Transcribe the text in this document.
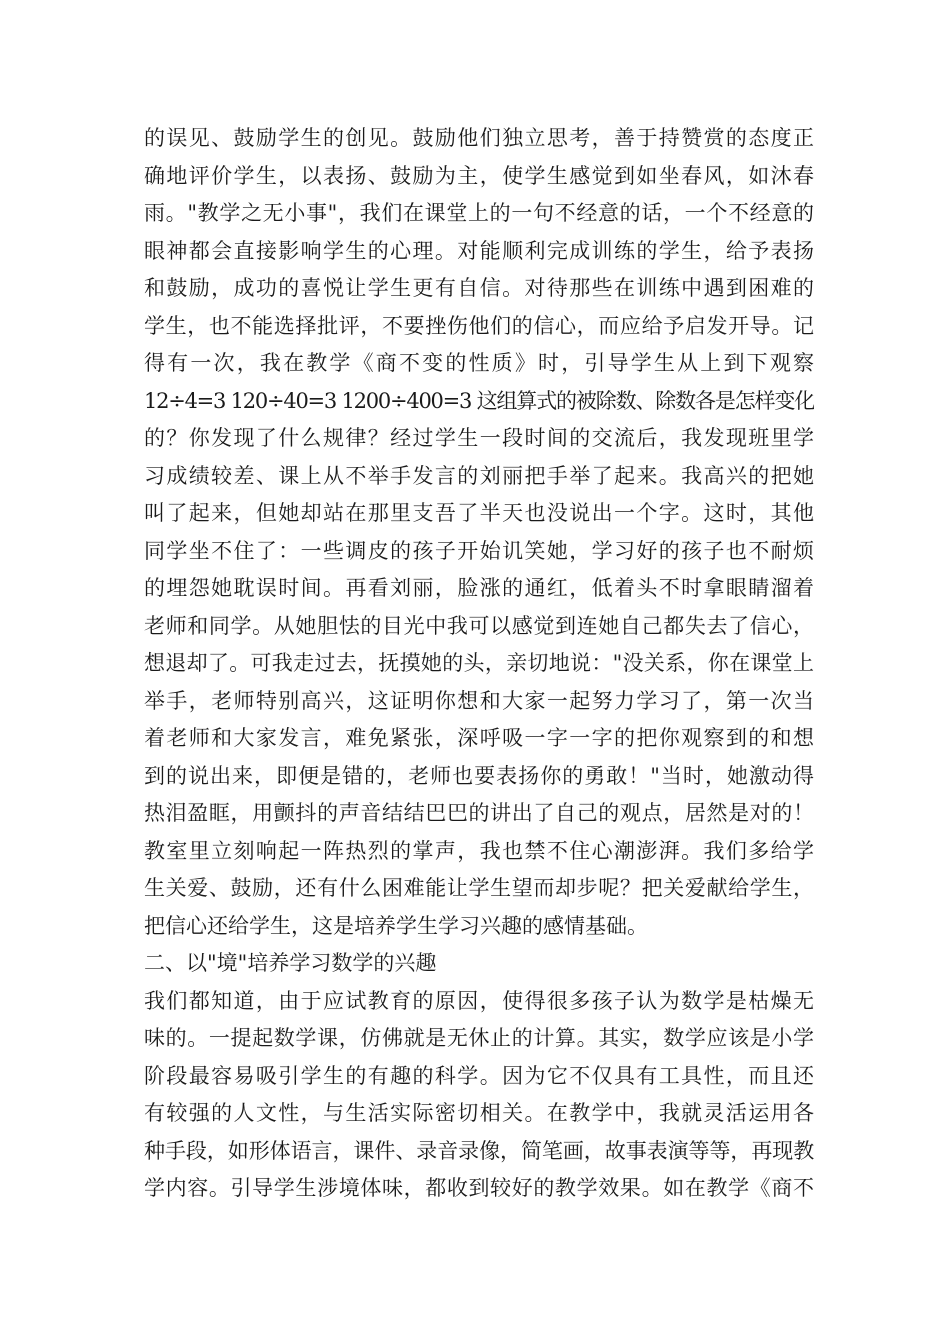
的误见、鼓励学生的创见。鼓励他们独立思考，善于持赞赏的态度正
确地评价学生，以表扬、鼓励为主，使学生感觉到如坐春风，如沐春
雨。"教学之无小事"，我们在课堂上的一句不经意的话，一个不经意的
眼神都会直接影响学生的心理。对能顺利完成训练的学生，给予表扬
和鼓励，成功的喜悦让学生更有自信。对待那些在训练中遇到困难的
学生，也不能选择批评，不要挫伤他们的信心，而应给予启发开导。记
得有一次，我在教学《商不变的性质》时，引导学生从上到下观察
12÷4=3 120÷40=3 1200÷400=3 这组算式的被除数、除数各是怎样变化
的？你发现了什么规律？经过学生一段时间的交流后，我发现班里学
习成绩较差、课上从不举手发言的刘丽把手举了起来。我高兴的把她
叫了起来，但她却站在那里支吾了半天也没说出一个字。这时，其他
同学坐不住了：一些调皮的孩子开始讥笑她，学习好的孩子也不耐烦
的埋怨她耽误时间。再看刘丽，脸涨的通红，低着头不时拿眼睛溜着
老师和同学。从她胆怯的目光中我可以感觉到连她自己都失去了信心，
想退却了。可我走过去，抚摸她的头，亲切地说："没关系，你在课堂上
举手，老师特别高兴，这证明你想和大家一起努力学习了，第一次当
着老师和大家发言，难免紧张，深呼吸一字一字的把你观察到的和想
到的说出来，即便是错的，老师也要表扬你的勇敢！"当时，她激动得
热泪盈眶，用颤抖的声音结结巴巴的讲出了自己的观点，居然是对的！
教室里立刻响起一阵热烈的掌声，我也禁不住心潮澎湃。我们多给学
生关爱、鼓励，还有什么困难能让学生望而却步呢？把关爱献给学生，
把信心还给学生，这是培养学生学习兴趣的感情基础。
二、以"境"培养学习数学的兴趣
我们都知道，由于应试教育的原因，使得很多孩子认为数学是枯燥无
味的。一提起数学课，仿佛就是无休止的计算。其实，数学应该是小学
阶段最容易吸引学生的有趣的科学。因为它不仅具有工具性，而且还
有较强的人文性，与生活实际密切相关。在教学中，我就灵活运用各
种手段，如形体语言，课件、录音录像，简笔画，故事表演等等，再现教
学内容。引导学生涉境体味，都收到较好的教学效果。如在教学《商不
